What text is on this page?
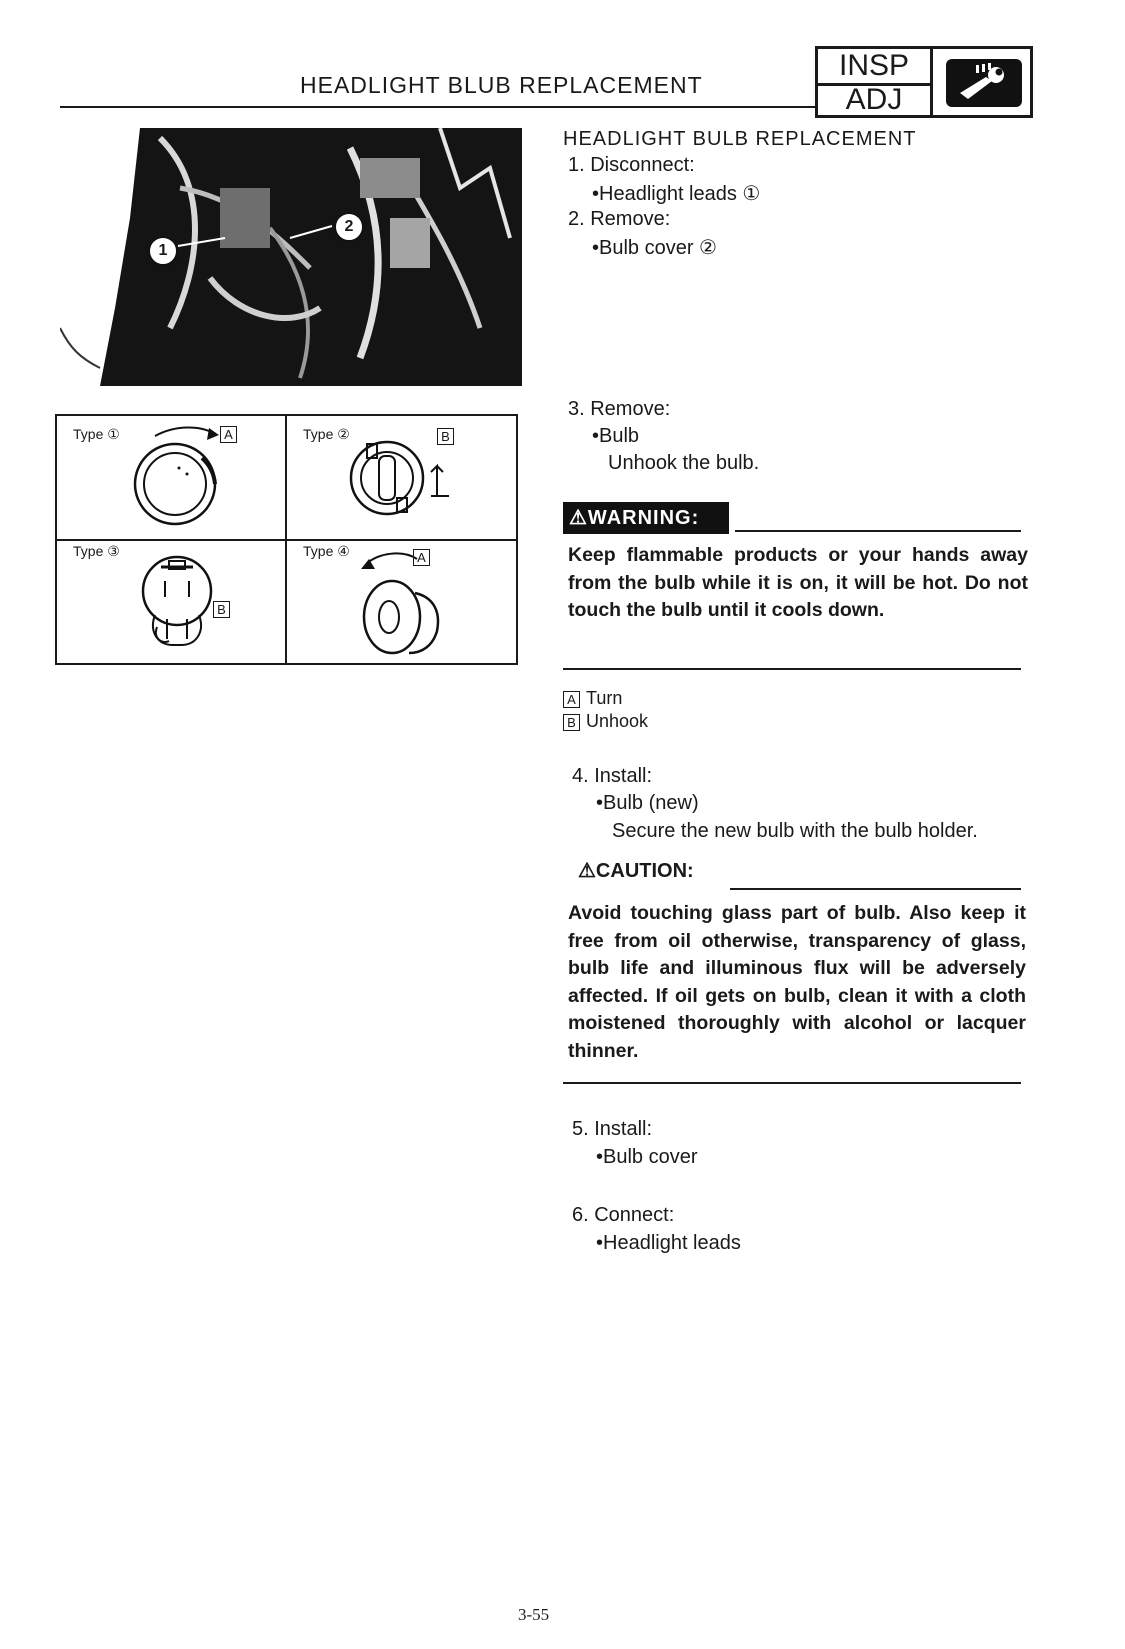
HEADLIGHT BLUB REPLACEMENT
INSP
ADJ
1
2
Type ①	A	Type ②	B
Type ③
B
Type ④	A
HEADLIGHT BULB REPLACEMENT
1. Disconnect:
•Headlight leads ①
2. Remove:
•Bulb cover ②
3. Remove:
•Bulb
Unhook the bulb.
⚠WARNING:
Keep flammable products or your hands away from the bulb while it is on, it will be hot. Do not touch the bulb until it cools down.
A Turn
B Unhook
4. Install:
•Bulb (new)
Secure the new bulb with the bulb holder.
⚠CAUTION:
Avoid touching glass part of bulb. Also keep it free from oil otherwise, transparency of glass, bulb life and illuminous flux will be adversely affected. If oil gets on bulb, clean it with a cloth moistened thoroughly with alcohol or lacquer thinner.
5. Install:
•Bulb cover
6. Connect:
•Headlight leads
3-55
